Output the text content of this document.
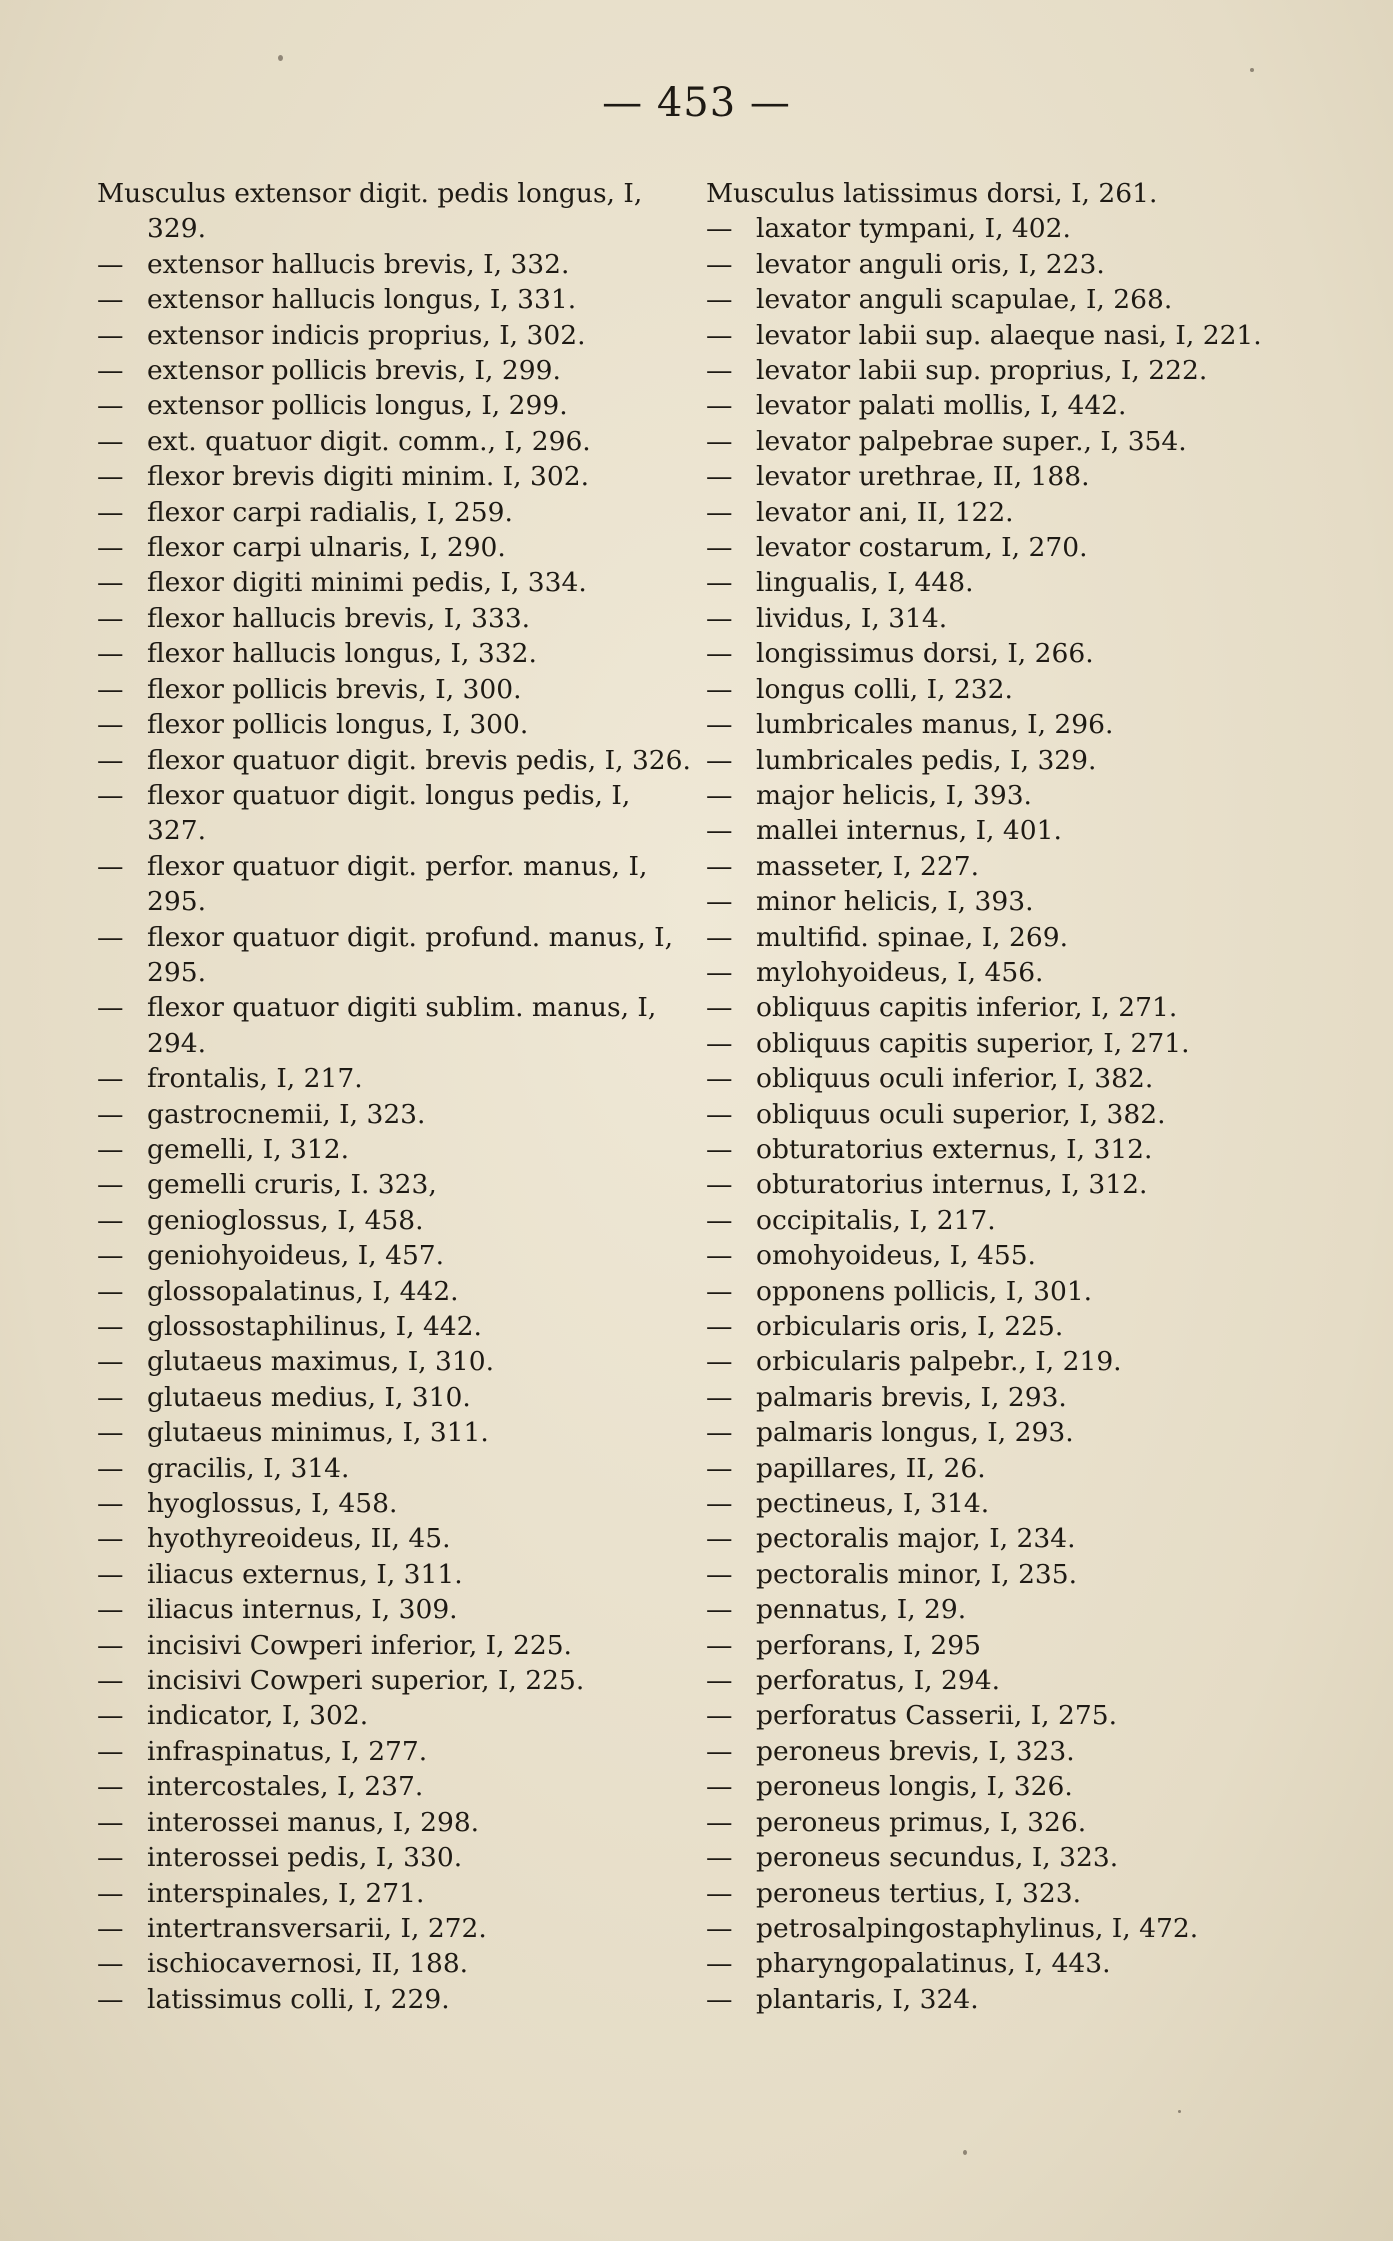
— 453 —
Musculus extensor digit. pedis longus, I, 329.
— extensor hallucis brevis, I, 332.
— extensor hallucis longus, I, 331.
— extensor indicis proprius, I, 302.
— extensor pollicis brevis, I, 299.
— extensor pollicis longus, I, 299.
— ext. quatuor digit. comm., I, 296.
— flexor brevis digiti minim. I, 302.
— flexor carpi radialis, I, 259.
— flexor carpi ulnaris, I, 290.
— flexor digiti minimi pedis, I, 334.
— flexor hallucis brevis, I, 333.
— flexor hallucis longus, I, 332.
— flexor pollicis brevis, I, 300.
— flexor pollicis longus, I, 300.
— flexor quatuor digit. brevis pedis, I, 326.
— flexor quatuor digit. longus pedis, I, 327.
— flexor quatuor digit. perfor. manus, I, 295.
— flexor quatuor digit. profund. manus, I, 295.
— flexor quatuor digiti sublim. manus, I, 294.
— frontalis, I, 217.
— gastrocnemii, I, 323.
— gemelli, I, 312.
— gemelli cruris, I. 323,
— genioglossus, I, 458.
— geniohyoideus, I, 457.
— glossopalatinus, I, 442.
— glossostaphilinus, I, 442.
— glutaeus maximus, I, 310.
— glutaeus medius, I, 310.
— glutaeus minimus, I, 311.
— gracilis, I, 314.
— hyoglossus, I, 458.
— hyothyreoideus, II, 45.
— iliacus externus, I, 311.
— iliacus internus, I, 309.
— incisivi Cowperi inferior, I, 225.
— incisivi Cowperi superior, I, 225.
— indicator, I, 302.
— infraspinatus, I, 277.
— intercostales, I, 237.
— interossei manus, I, 298.
— interossei pedis, I, 330.
— interspinales, I, 271.
— intertransversarii, I, 272.
— ischiocavernosi, II, 188.
— latissimus colli, I, 229.
Musculus latissimus dorsi, I, 261.
— laxator tympani, I, 402.
— levator anguli oris, I, 223.
— levator anguli scapulae, I, 268.
— levator labii sup. alaeque nasi, I, 221.
— levator labii sup. proprius, I, 222.
— levator palati mollis, I, 442.
— levator palpebrae super., I, 354.
— levator urethrae, II, 188.
— levator ani, II, 122.
— levator costarum, I, 270.
— lingualis, I, 448.
— lividus, I, 314.
— longissimus dorsi, I, 266.
— longus colli, I, 232.
— lumbricales manus, I, 296.
— lumbricales pedis, I, 329.
— major helicis, I, 393.
— mallei internus, I, 401.
— masseter, I, 227.
— minor helicis, I, 393.
— multifid. spinae, I, 269.
— mylohyoideus, I, 456.
— obliquus capitis inferior, I, 271.
— obliquus capitis superior, I, 271.
— obliquus oculi inferior, I, 382.
— obliquus oculi superior, I, 382.
— obturatorius externus, I, 312.
— obturatorius internus, I, 312.
— occipitalis, I, 217.
— omohyoideus, I, 455.
— opponens pollicis, I, 301.
— orbicularis oris, I, 225.
— orbicularis palpebr., I, 219.
— palmaris brevis, I, 293.
— palmaris longus, I, 293.
— papillares, II, 26.
— pectineus, I, 314.
— pectoralis major, I, 234.
— pectoralis minor, I, 235.
— pennatus, I, 29.
— perforans, I, 295
— perforatus, I, 294.
— perforatus Casserii, I, 275.
— peroneus brevis, I, 323.
— peroneus longis, I, 326.
— peroneus primus, I, 326.
— peroneus secundus, I, 323.
— peroneus tertius, I, 323.
— petrosalpingostaphylinus, I, 472.
— pharyngopalatinus, I, 443.
— plantaris, I, 324.
